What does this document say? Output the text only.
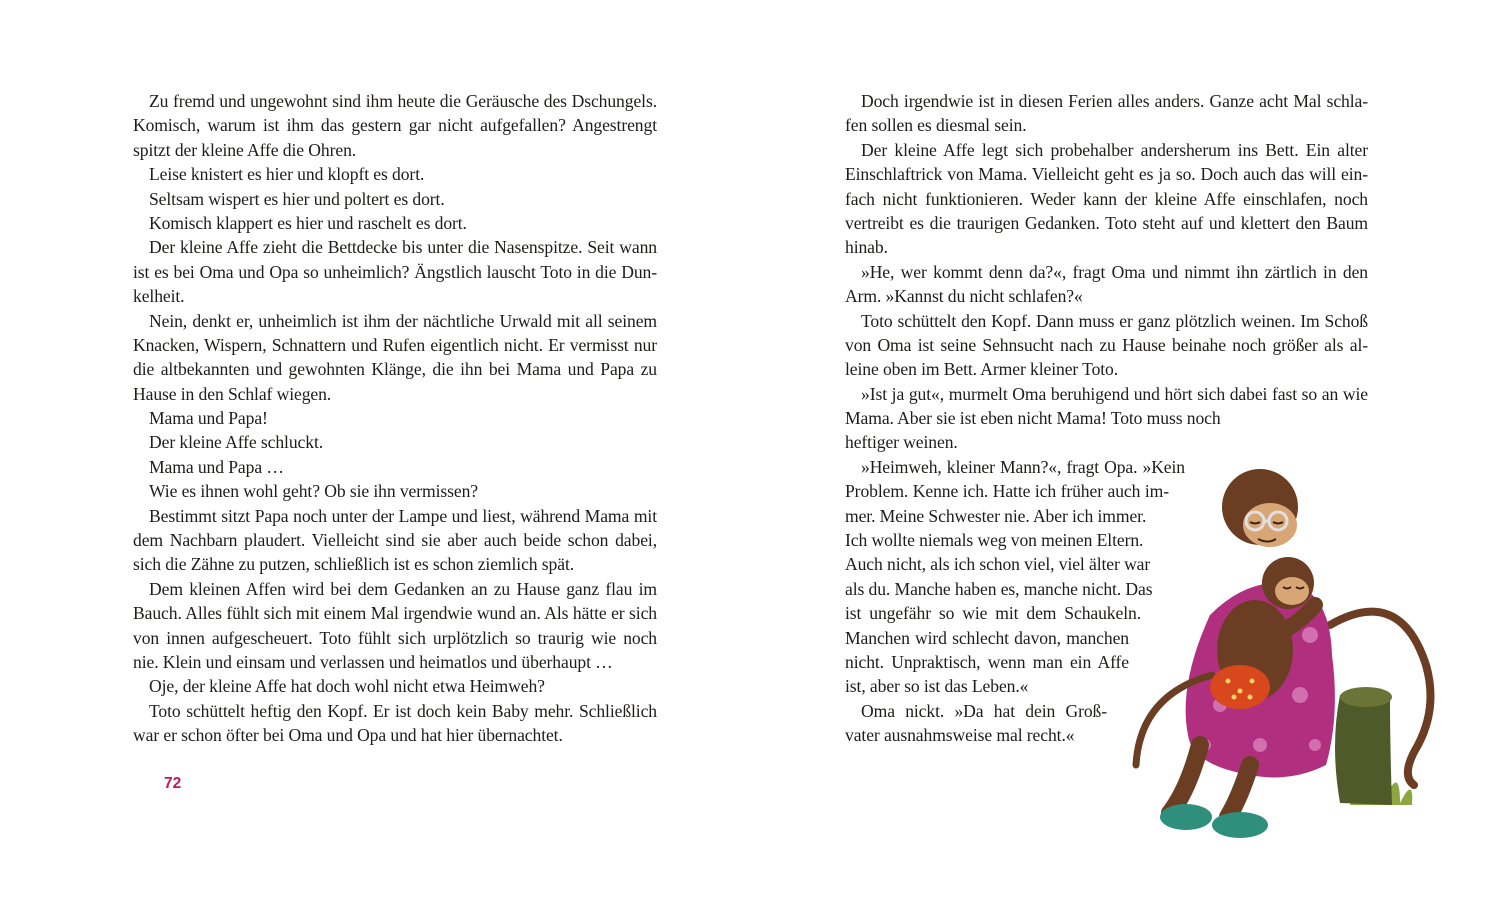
Zu fremd und ungewohnt sind ihm heute die Geräusche des Dschungels.
Komisch, warum ist ihm das gestern gar nicht aufgefallen? Angestrengt
spitzt der kleine Affe die Ohren.
Leise knistert es hier und klopft es dort.
Seltsam wispert es hier und poltert es dort.
Komisch klappert es hier und raschelt es dort.
Der kleine Affe zieht die Bettdecke bis unter die Nasenspitze. Seit wann
ist es bei Oma und Opa so unheimlich? Ängstlich lauscht Toto in die Dun-
kelheit.
Nein, denkt er, unheimlich ist ihm der nächtliche Urwald mit all seinem
Knacken, Wispern, Schnattern und Rufen eigentlich nicht. Er vermisst nur
die altbekannten und gewohnten Klänge, die ihn bei Mama und Papa zu
Hause in den Schlaf wiegen.
Mama und Papa!
Der kleine Affe schluckt.
Mama und Papa …
Wie es ihnen wohl geht? Ob sie ihn vermissen?
Bestimmt sitzt Papa noch unter der Lampe und liest, während Mama mit
dem Nachbarn plaudert. Vielleicht sind sie aber auch beide schon dabei,
sich die Zähne zu putzen, schließlich ist es schon ziemlich spät.
Dem kleinen Affen wird bei dem Gedanken an zu Hause ganz flau im
Bauch. Alles fühlt sich mit einem Mal irgendwie wund an. Als hätte er sich
von innen aufgescheuert. Toto fühlt sich urplötzlich so traurig wie noch
nie. Klein und einsam und verlassen und heimatlos und überhaupt …
Oje, der kleine Affe hat doch wohl nicht etwa Heimweh?
Toto schüttelt heftig den Kopf. Er ist doch kein Baby mehr. Schließlich
war er schon öfter bei Oma und Opa und hat hier übernachtet.
Doch irgendwie ist in diesen Ferien alles anders. Ganze acht Mal schla-
fen sollen es diesmal sein.
Der kleine Affe legt sich probehalber andersherum ins Bett. Ein alter
Einschlaftrick von Mama. Vielleicht geht es ja so. Doch auch das will ein-
fach nicht funktionieren. Weder kann der kleine Affe einschlafen, noch
vertreibt es die traurigen Gedanken. Toto steht auf und klettert den Baum
hinab.
»He, wer kommt denn da?«, fragt Oma und nimmt ihn zärtlich in den
Arm. »Kannst du nicht schlafen?«
Toto schüttelt den Kopf. Dann muss er ganz plötzlich weinen. Im Schoß
von Oma ist seine Sehnsucht nach zu Hause beinahe noch größer als al-
leine oben im Bett. Armer kleiner Toto.
»Ist ja gut«, murmelt Oma beruhigend und hört sich dabei fast so an wie
Mama. Aber sie ist eben nicht Mama! Toto muss noch
heftiger weinen.
»Heimweh, kleiner Mann?«, fragt Opa. »Kein
Problem. Kenne ich. Hatte ich früher auch im-
mer. Meine Schwester nie. Aber ich immer.
Ich wollte niemals weg von meinen Eltern.
Auch nicht, als ich schon viel, viel älter war
als du. Manche haben es, manche nicht. Das
ist ungefähr so wie mit dem Schaukeln.
Manchen wird schlecht davon, manchen
nicht. Unpraktisch, wenn man ein Affe
ist, aber so ist das Leben.«
Oma nickt. »Da hat dein Groß-
vater ausnahmsweise mal recht.«
72
